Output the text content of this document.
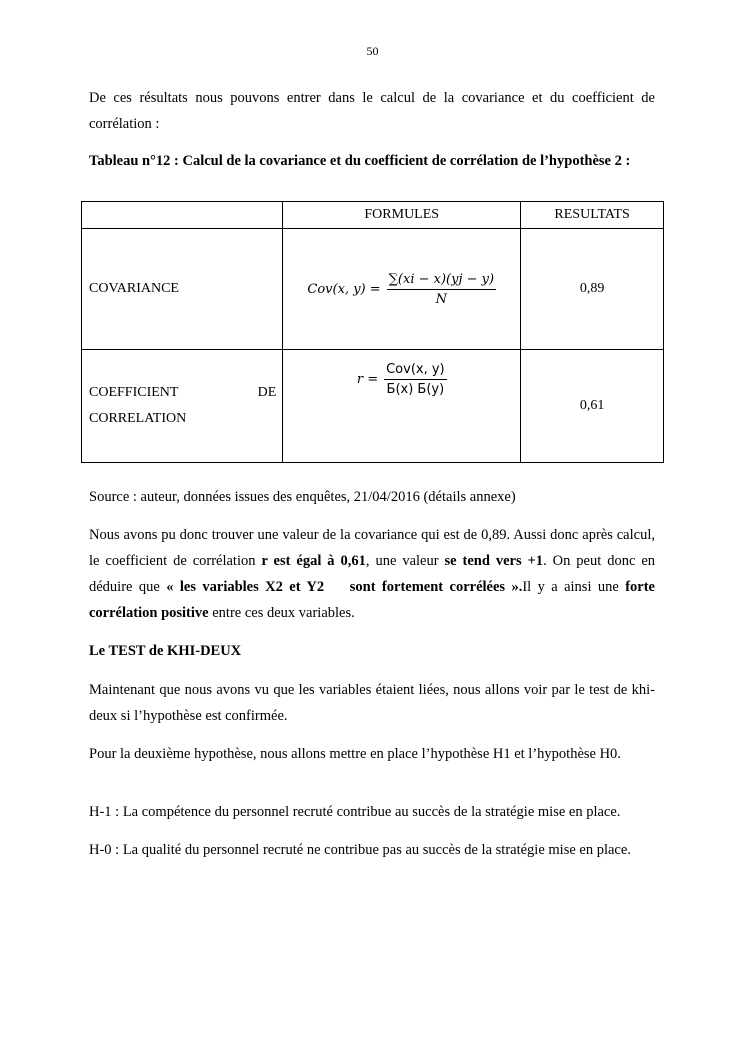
50

De ces résultats nous pouvons entrer dans le calcul de la covariance et du coefficient de corrélation :

Tableau n°12 : Calcul de la covariance et du coefficient de corrélation de l’hypothèse 2 :

	FORMULES	RESULTATS
COVARIANCE	Cov(x, $y) = \frac{\sum(xi - x)(yj - y)}{N}$	0,89

COEFFICIENT DE
CORRELATION	$r = \frac{\text{Cov(x, y)}}{Б(x) Б(y)}$	0,61

Source : auteur, données issues des enquêtes, 21/04/2016 (détails annexe)

Nous avons pu donc trouver une valeur de la covariance qui est de 0,89. Aussi donc après calcul, le coefficient de corrélation r est égal à 0,61, une valeur se tend vers +1. On peut donc en déduire que « les variables X2 et Y2    sont fortement corrélées ».Il y a ainsi une forte corrélation positive entre ces deux variables.

Le TEST de KHI-DEUX

Maintenant que nous avons vu que les variables étaient liées, nous allons voir par le test de khi-deux si l’hypothèse est confirmée.

Pour la deuxième hypothèse, nous allons mettre en place l’hypothèse H1 et l’hypothèse H0.

H-1 : La compétence du personnel recruté contribue au succès de la stratégie mise en place.

H-0 : La qualité du personnel recruté ne contribue pas au succès de la stratégie mise en place.
